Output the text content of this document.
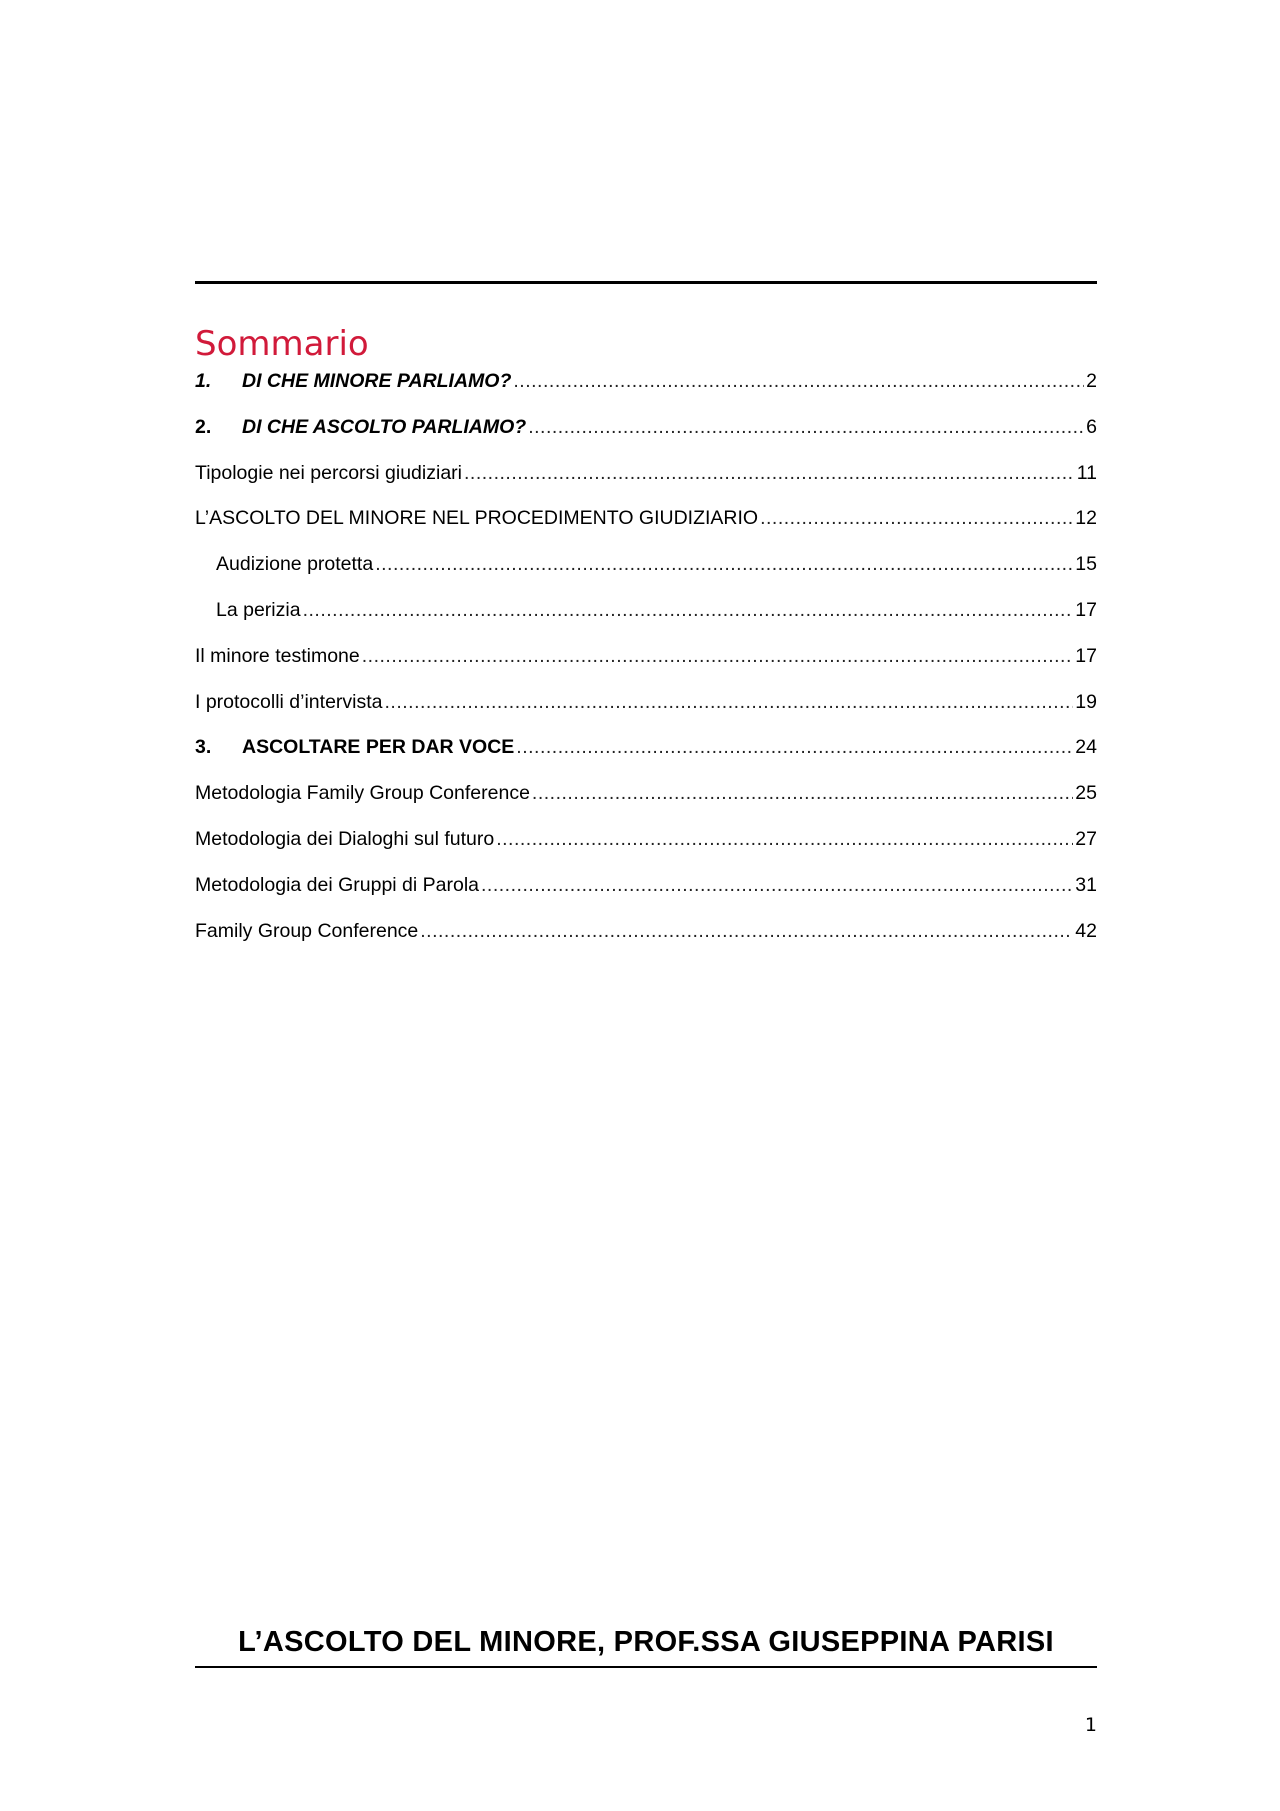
Sommario
1.	DI CHE MINORE PARLIAMO? .....	2
2.	DI CHE ASCOLTO PARLIAMO? .....	6
Tipologie nei percorsi giudiziari .....	11
L’ASCOLTO DEL MINORE NEL PROCEDIMENTO GIUDIZIARIO .....	12
Audizione protetta .....	15
La perizia .....	17
Il minore testimone .....	17
I protocolli d’intervista .....	19
3.	ASCOLTARE PER DAR VOCE .....	24
Metodologia Family Group Conference .....	25
Metodologia dei Dialoghi sul futuro .....	27
Metodologia dei Gruppi di Parola .....	31
Family Group Conference .....	42
L’ASCOLTO DEL MINORE, PROF.SSA GIUSEPPINA PARISI
1
